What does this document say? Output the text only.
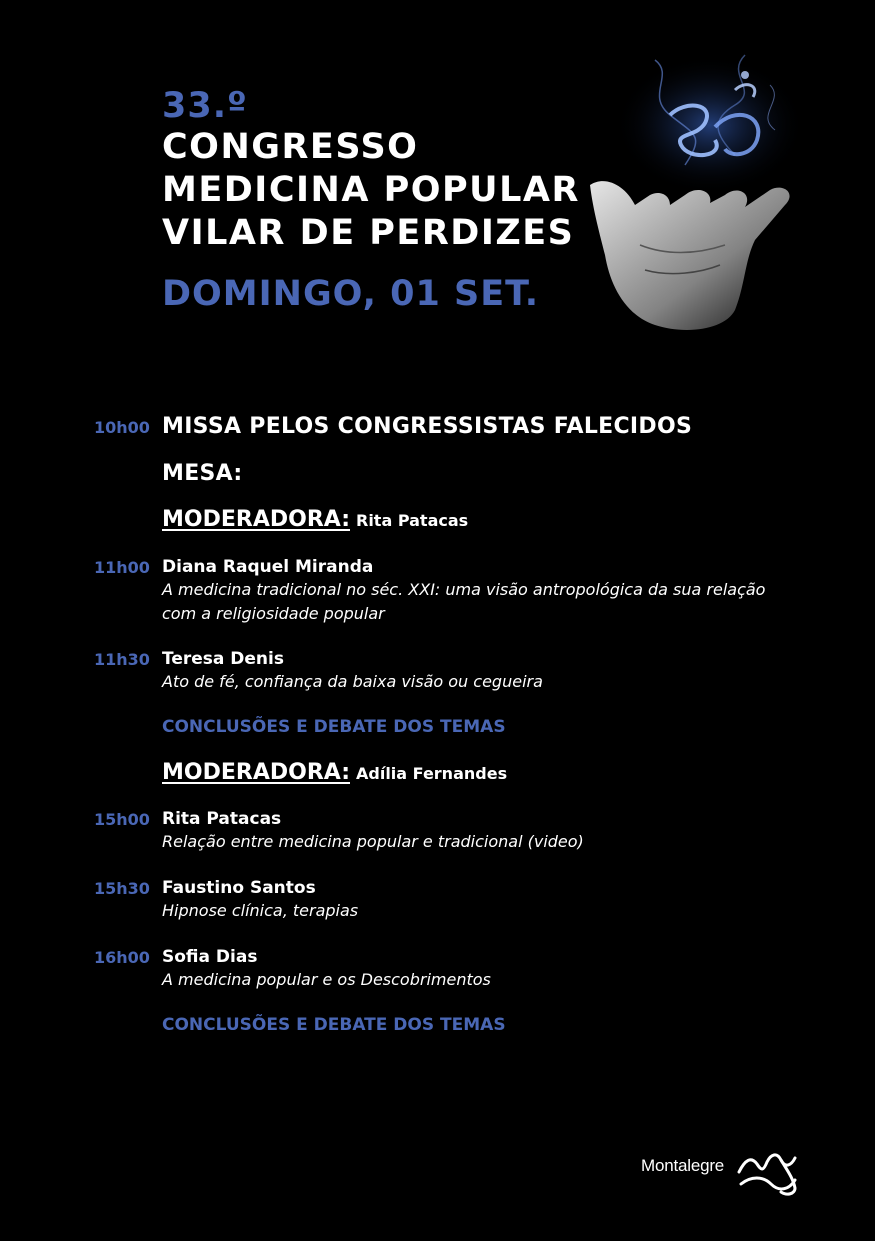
33.º
CONGRESSO
MEDICINA POPULAR
VILAR DE PERDIZES
DOMINGO, 01 SET.
10h00 MISSA PELOS CONGRESSISTAS FALECIDOS
MESA:
MODERADORA: Rita Patacas
11h00 Diana Raquel Miranda
A medicina tradicional no séc. XXI: uma visão antropológica da sua relação
com a religiosidade popular
11h30 Teresa Denis
Ato de fé, confiança da baixa visão ou cegueira
CONCLUSÕES E DEBATE DOS TEMAS
MODERADORA: Adília Fernandes
15h00 Rita Patacas
Relação entre medicina popular e tradicional (video)
15h30 Faustino Santos
Hipnose clínica, terapias
16h00 Sofia Dias
A medicina popular e os Descobrimentos
CONCLUSÕES E DEBATE DOS TEMAS
Montalegre
